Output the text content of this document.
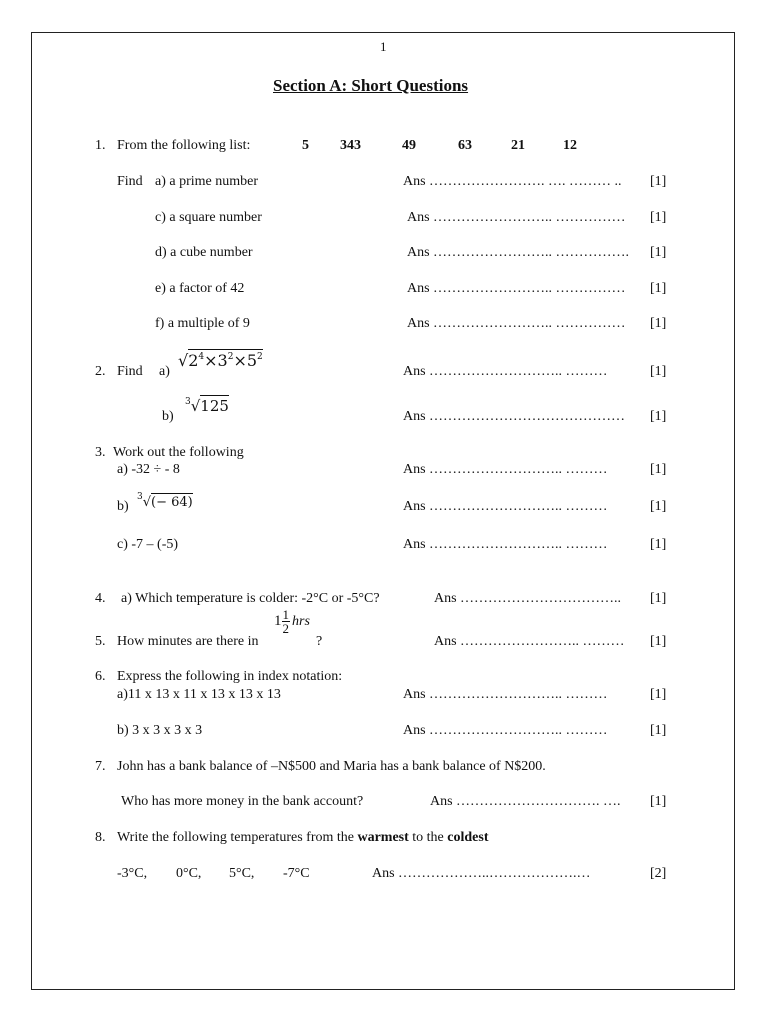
1
Section A: Short Questions
1. From the following list:	5 343	49	63	21	12
Find a) a prime number	Ans ……………………. …. ……… .. [1]
c) a square number	Ans …………………….. …………… [1]
d) a cube number	Ans …………………….. ……………. [1]
e) a factor of 42	Ans …………………….. …………… [1]
f) a multiple of 9	Ans …………………….. …………… [1]
2. Find a)
$√2^4\times 3^2\times 5^2$
Ans ……………………….. ………	[1]
b)
$^3$√125
Ans …………………………………… [1]
3. Work out the following
a) -32 ÷ - 8	Ans ……………………….. ………	[1]
b)
$^3$√(− 64)	Ans ……………………….. ………	[1]
c) -7 – (-5)	Ans ……………………….. ………	[1]
4. a) Which temperature is colder: -2°C or -5°C?	Ans …………………………….. [1]
5. How minutes are there in
$1 \frac{1}{2}$ hrs
?	Ans …………………….. ……… [1]
6. Express the following in index notation:
a)11 x 13 x 11 x 13 x 13 x 13	Ans ……………………….. ………	[1]
b) 3 x 3 x 3 x 3	Ans ……………………….. ………	[1]
7. John has a bank balance of –N$500 and Maria has a bank balance of N$200.
Who has more money in the bank account?	Ans …………………………. …. [1]
8. Write the following temperatures from the warmest to the coldest
-3°C, 0°C, 5°C, -7°C	Ans ………………..……………….…	[2]
